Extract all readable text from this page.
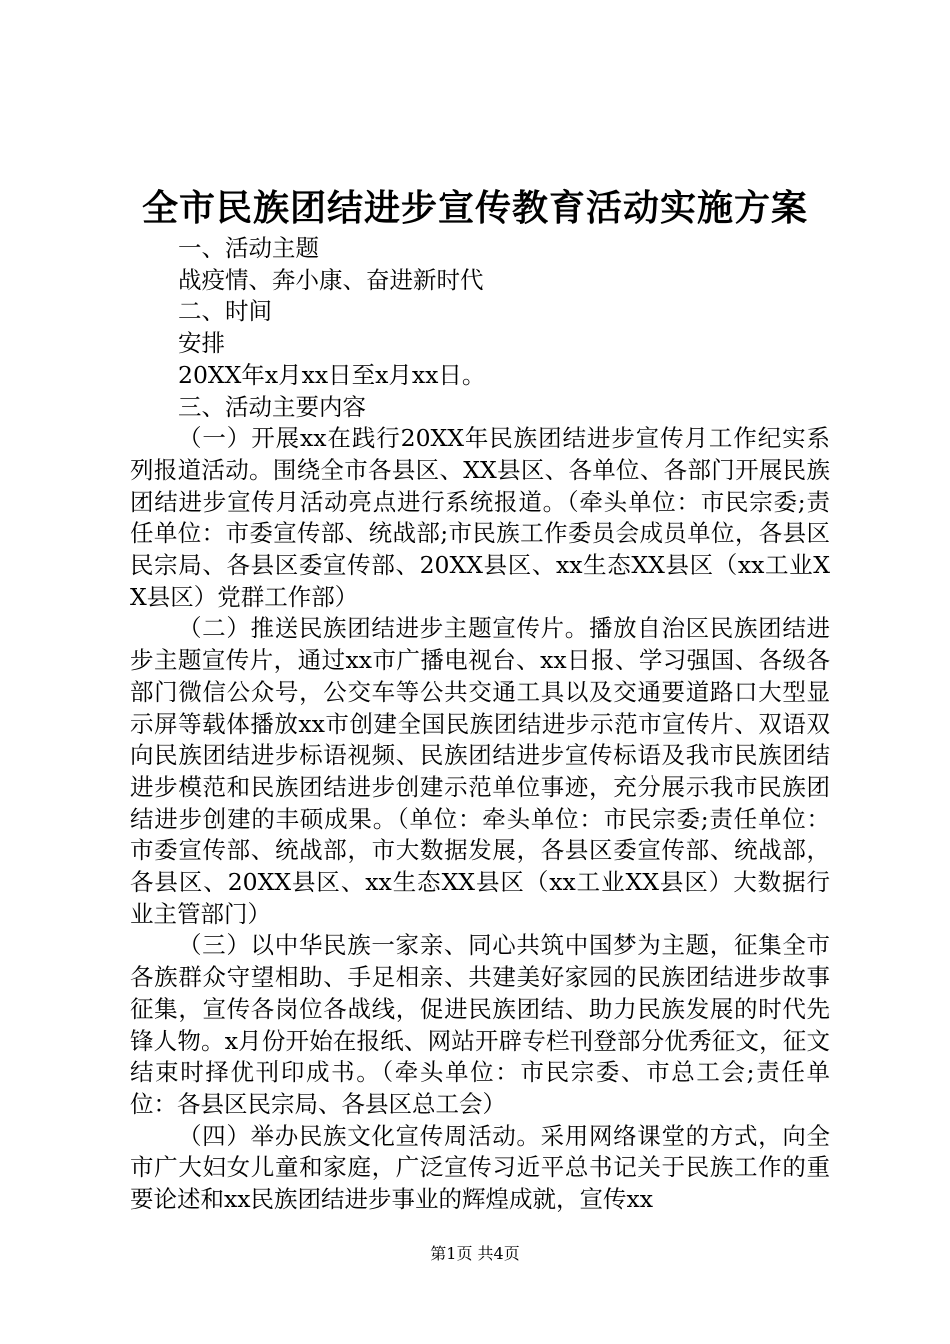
全市民族团结进步宣传教育活动实施方案

一、活动主题

战疫情、奔小康、奋进新时代

二、时间

安排

20XX年x月xx日至x月xx日。

三、活动主要内容

（一）开展xx在践行20XX年民族团结进步宣传月工作纪实系列报道活动。围绕全市各县区、XX县区、各单位、各部门开展民族团结进步宣传月活动亮点进行系统报道。（牵头单位：市民宗委;责任单位：市委宣传部、统战部;市民族工作委员会成员单位，各县区民宗局、各县区委宣传部、20XX县区、xx生态XX县区（xx工业XX县区）党群工作部）

（二）推送民族团结进步主题宣传片。播放自治区民族团结进步主题宣传片，通过xx市广播电视台、xx日报、学习强国、各级各部门微信公众号，公交车等公共交通工具以及交通要道路口大型显示屏等载体播放xx市创建全国民族团结进步示范市宣传片、双语双向民族团结进步标语视频、民族团结进步宣传标语及我市民族团结进步模范和民族团结进步创建示范单位事迹，充分展示我市民族团结进步创建的丰硕成果。（单位：牵头单位：市民宗委;责任单位：市委宣传部、统战部，市大数据发展，各县区委宣传部、统战部，各县区、20XX县区、xx生态XX县区（xx工业XX县区）大数据行业主管部门）

（三）以中华民族一家亲、同心共筑中国梦为主题，征集全市各族群众守望相助、手足相亲、共建美好家园的民族团结进步故事征集，宣传各岗位各战线，促进民族团结、助力民族发展的时代先锋人物。x月份开始在报纸、网站开辟专栏刊登部分优秀征文，征文结束时择优刊印成书。（牵头单位：市民宗委、市总工会;责任单位：各县区民宗局、各县区总工会）

（四）举办民族文化宣传周活动。采用网络课堂的方式，向全市广大妇女儿童和家庭，广泛宣传习近平总书记关于民族工作的重要论述和xx民族团结进步事业的辉煌成就，宣传xx

第1页 共4页
